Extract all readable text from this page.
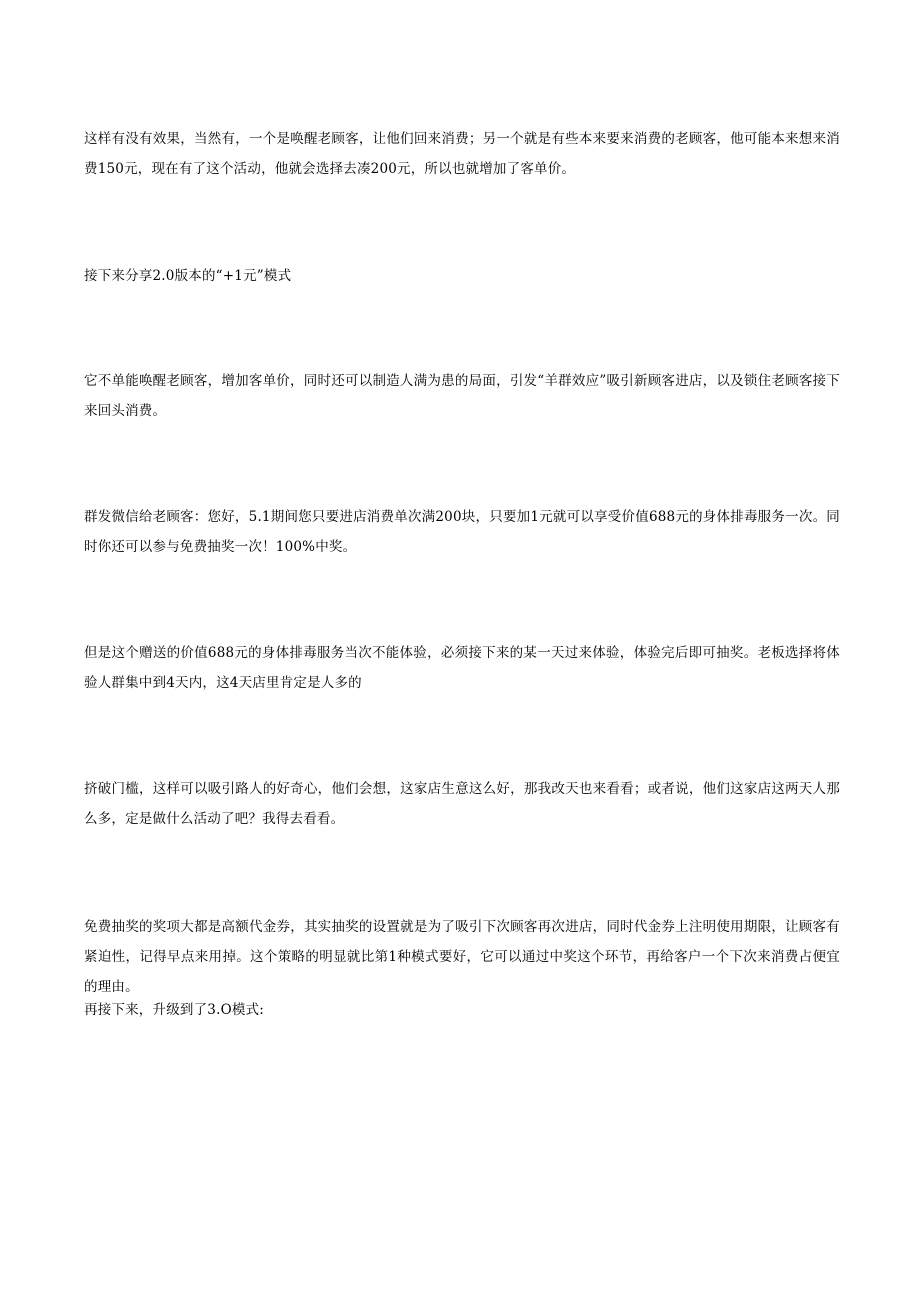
这样有没有效果，当然有，一个是唤醒老顾客，让他们回来消费；另一个就是有些本来要来消费的老顾客，他可能本来想来消费150元，现在有了这个活动，他就会选择去凑200元，所以也就增加了客单价。

接下来分享2.0版本的“+1元”模式

它不单能唤醒老顾客，增加客单价，同时还可以制造人满为患的局面，引发“羊群效应”吸引新顾客进店，以及锁住老顾客接下来回头消费。

群发微信给老顾客：您好，5.1期间您只要进店消费单次满200块，只要加1元就可以享受价值688元的身体排毒服务一次。同时你还可以参与免费抽奖一次！100%中奖。

但是这个赠送的价值688元的身体排毒服务当次不能体验，必须接下来的某一天过来体验，体验完后即可抽奖。老板选择将体验人群集中到4天内，这4天店里肯定是人多的

挤破门槛，这样可以吸引路人的好奇心，他们会想，这家店生意这么好，那我改天也来看看；或者说，他们这家店这两天人那么多，定是做什么活动了吧？我得去看看。

免费抽奖的奖项大都是高额代金券，其实抽奖的设置就是为了吸引下次顾客再次进店，同时代金券上注明使用期限，让顾客有紧迫性，记得早点来用掉。这个策略的明显就比第1种模式要好，它可以通过中奖这个环节，再给客户一个下次来消费占便宜的理由。

再接下来，升级到了3.O模式:
